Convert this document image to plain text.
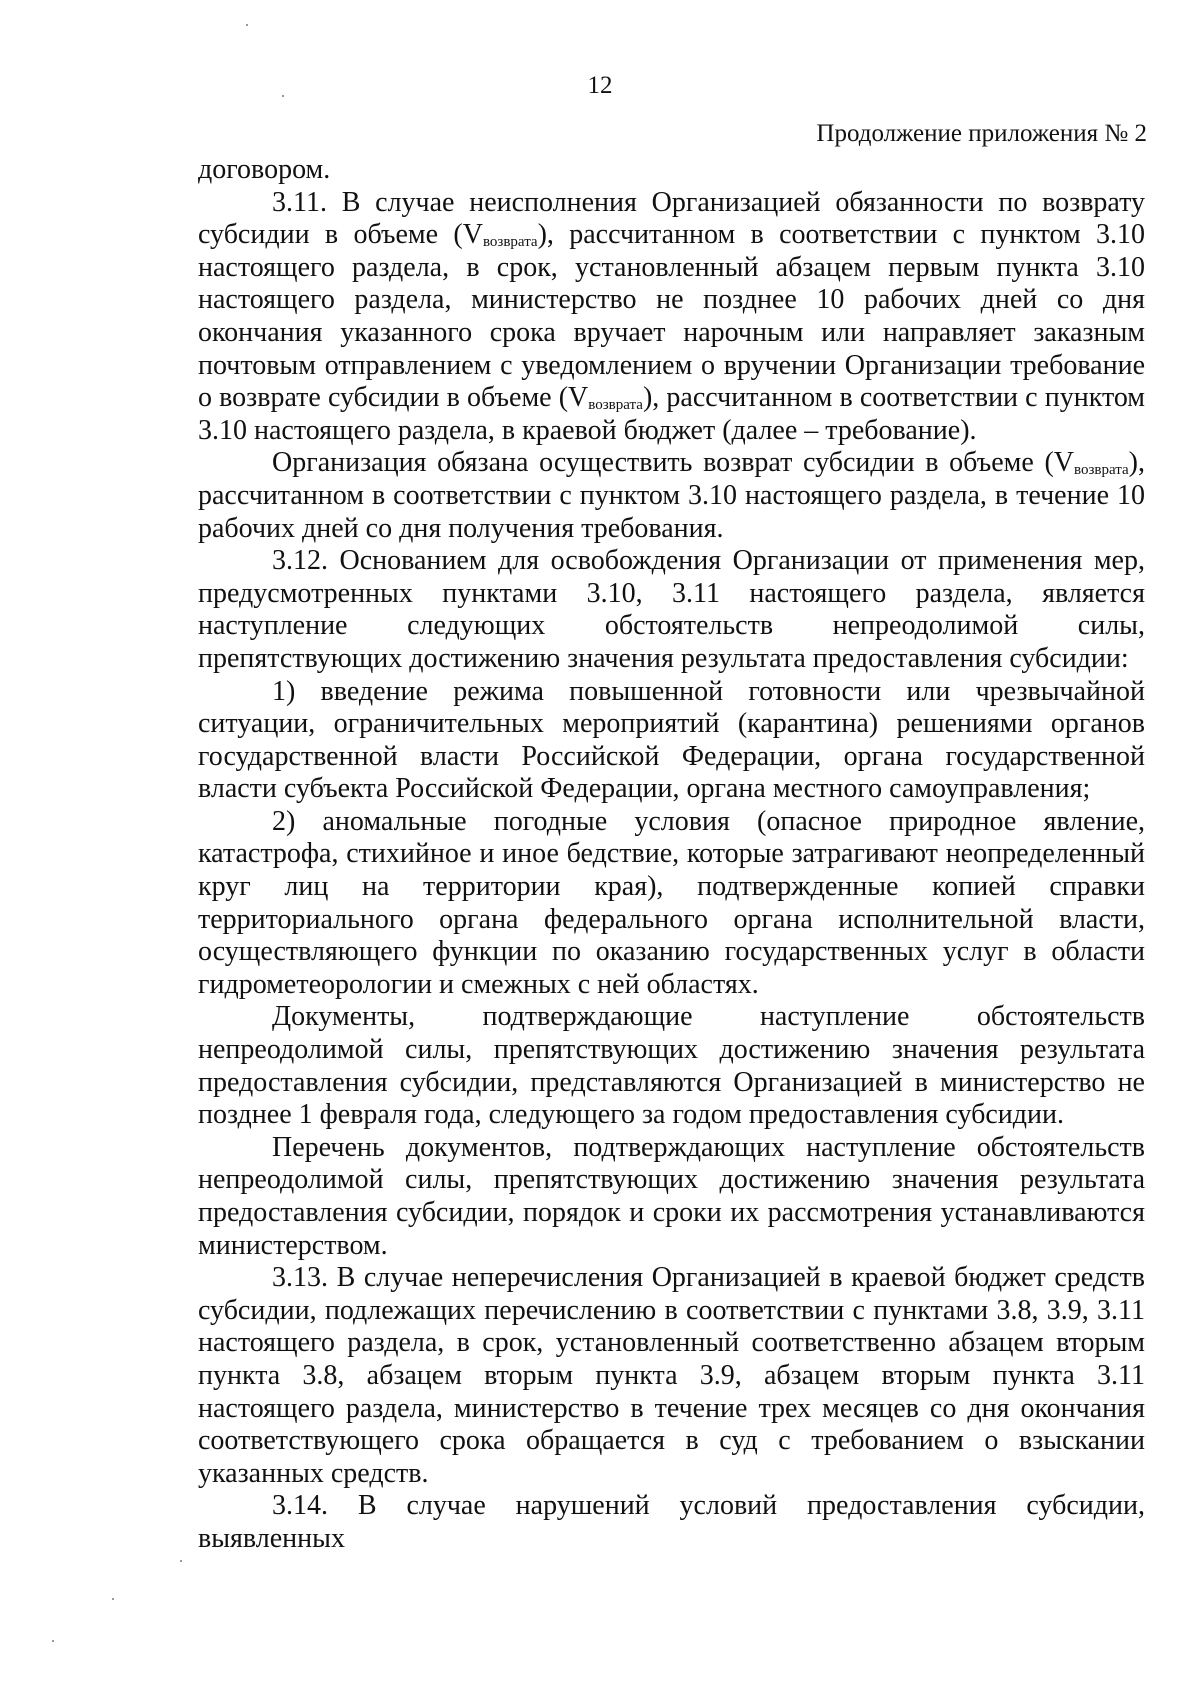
12
Продолжение приложения № 2

договором.

3.11. В случае неисполнения Организацией обязанности по возврату субсидии в объеме $(V_{возврата})$, рассчитанном в соответствии с пунктом 3.10 настоящего раздела, в срок, установленный абзацем первым пункта 3.10 настоящего раздела, министерство не позднее 10 рабочих дней со дня окончания указанного срока вручает нарочным или направляет заказным почтовым отправлением с уведомлением о вручении Организации требование о возврате субсидии в объеме $(V_{возврата})$, рассчитанном в соответствии с пунктом 3.10 настоящего раздела, в краевой бюджет (далее – требование).

Организация обязана осуществить возврат субсидии в объеме $(V_{возврата})$, рассчитанном в соответствии с пунктом 3.10 настоящего раздела, в течение 10 рабочих дней со дня получения требования.

3.12. Основанием для освобождения Организации от применения мер, предусмотренных пунктами 3.10, 3.11 настоящего раздела, является наступление следующих обстоятельств непреодолимой силы, препятствующих достижению значения результата предоставления субсидии:

1) введение режима повышенной готовности или чрезвычайной ситуации, ограничительных мероприятий (карантина) решениями органов государственной власти Российской Федерации, органа государственной власти субъекта Российской Федерации, органа местного самоуправления;

2) аномальные погодные условия (опасное природное явление, катастрофа, стихийное и иное бедствие, которые затрагивают неопределенный круг лиц на территории края), подтвержденные копией справки территориального органа федерального органа исполнительной власти, осуществляющего функции по оказанию государственных услуг в области гидрометеорологии и смежных с ней областях.

Документы, подтверждающие наступление обстоятельств непреодолимой силы, препятствующих достижению значения результата предоставления субсидии, представляются Организацией в министерство не позднее 1 февраля года, следующего за годом предоставления субсидии.

Перечень документов, подтверждающих наступление обстоятельств непреодолимой силы, препятствующих достижению значения результата предоставления субсидии, порядок и сроки их рассмотрения устанавливаются министерством.

3.13. В случае неперечисления Организацией в краевой бюджет средств субсидии, подлежащих перечислению в соответствии с пунктами 3.8, 3.9, 3.11 настоящего раздела, в срок, установленный соответственно абзацем вторым пункта 3.8, абзацем вторым пункта 3.9, абзацем вторым пункта 3.11 настоящего раздела, министерство в течение трех месяцев со дня окончания соответствующего срока обращается в суд с требованием о взыскании указанных средств.

3.14. В случае нарушений условий предоставления субсидии, выявленных
